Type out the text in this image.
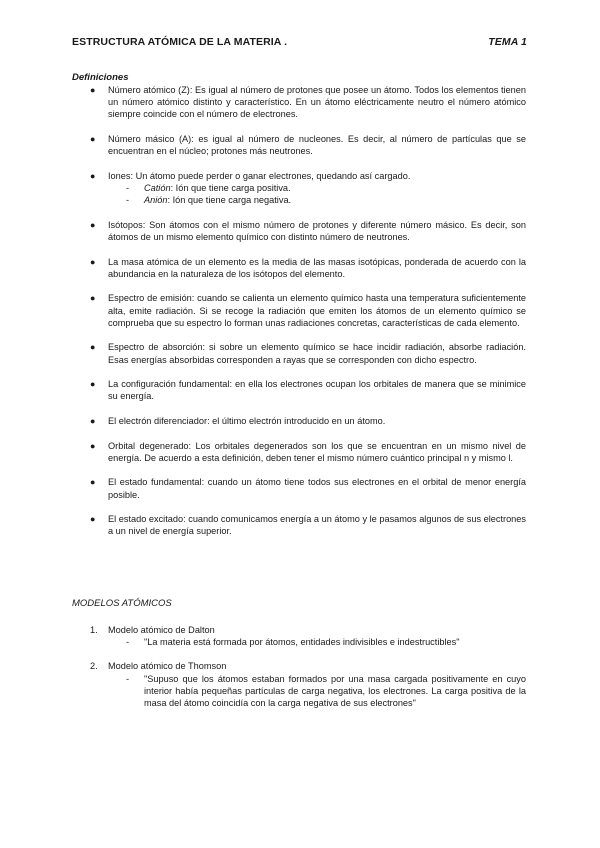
ESTRUCTURA ATÓMICA DE LA MATERIA .	TEMA 1
Definiciones
● Número atómico (Z): Es igual al número de protones que posee un átomo. Todos los elementos tienen un número atómico distinto y característico. En un átomo eléctricamente neutro el número atómico siempre coincide con el número de electrones.
● Número másico (A): es igual al número de nucleones. Es decir, al número de partículas que se encuentran en el núcleo; protones más neutrones.
● Iones: Un átomo puede perder o ganar electrones, quedando así cargado.
- Catión: Ión que tiene carga positiva.
- Anión: Ión que tiene carga negativa.
● Isótopos: Son átomos con el mismo número de protones y diferente número másico. Es decir, son átomos de un mismo elemento químico con distinto número de neutrones.
● La masa atómica de un elemento es la media de las masas isotópicas, ponderada de acuerdo con la abundancia en la naturaleza de los isótopos del elemento.
● Espectro de emisión: cuando se calienta un elemento químico hasta una temperatura suficientemente alta, emite radiación. Si se recoge la radiación que emiten los átomos de un elemento químico se comprueba que su espectro lo forman unas radiaciones concretas, características de cada elemento.
● Espectro de absorción: si sobre un elemento químico se hace incidir radiación, absorbe radiación. Esas energías absorbidas corresponden a rayas que se corresponden con dicho espectro.
● La configuración fundamental: en ella los electrones ocupan los orbitales de manera que se minimice su energía.
● El electrón diferenciador: el último electrón introducido en un átomo.
● Orbital degenerado: Los orbitales degenerados son los que se encuentran en un mismo nivel de energía. De acuerdo a esta definición, deben tener el mismo número cuántico principal n y mismo l.
● El estado fundamental: cuando un átomo tiene todos sus electrones en el orbital de menor energía posible.
● El estado excitado: cuando comunicamos energía a un átomo y le pasamos algunos de sus electrones a un nivel de energía superior.
MODELOS ATÓMICOS
1. Modelo atómico de Dalton
- "La materia está formada por átomos, entidades indivisibles e indestructibles"
2. Modelo atómico de Thomson
- "Supuso que los átomos estaban formados por una masa cargada positivamente en cuyo interior había pequeñas partículas de carga negativa, los electrones. La carga positiva de la masa del átomo coincidía con la carga negativa de sus electrones"
